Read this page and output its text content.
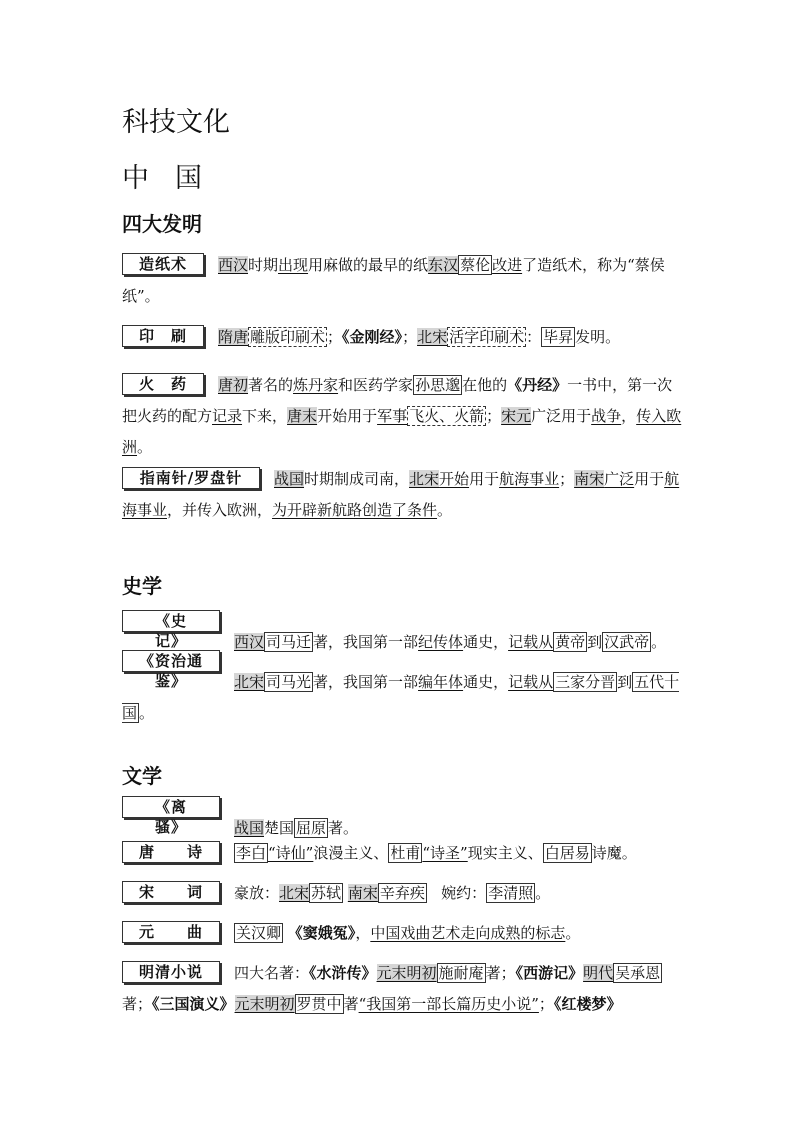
科技文化
中国
四大发明
造纸术 西汉时期出现用麻做的最早的纸东汉 蔡伦 改进了造纸术，称为“蔡侯纸”。
印　刷 隋唐 雕版印刷术 ；《金刚经》；北宋 活字印刷术 ： 毕昇 发明。
火　药 唐初著名的炼丹家和医药学家 孙思邈 在他的《丹经》一书中，第一次把火药的配方记录下来，唐末开始用于军事 飞火、火箭 ；宋元广泛用于战争，传入欧洲。
指南针/罗盘针 战国时期制成司南，北宋开始用于航海事业；南宋广泛用于航海事业，并传入欧洲，为开辟新航路创造了条件。
史学
《史　　记》	西汉 司马迁 著，我国第一部纪传体通史，记载从 黄帝 到 汉武帝 。
《资治通鉴》	北宋 司马光 著，我国第一部编年体通史，记载从 三家分晋 到 五代十国 。
文学
《离　　骚》	战国楚国 屈原 著。
唐　　诗 李白 “诗仙”浪漫主义、 杜甫 “诗圣”现实主义、 白居易 诗魔。
宋　　词 豪放：北宋 苏轼 南宋 辛弃疾 婉约： 李清照 。
元　　曲 关汉卿 《窦娥冤》，中国戏曲艺术走向成熟的标志。
明清小说 四大名著：《水浒传》元末明初 施耐庵 著；《西游记》明代 吴承恩著；《三国演义》元末明初 罗贯中 著“我国第一部长篇历史小说”；《红楼梦》
